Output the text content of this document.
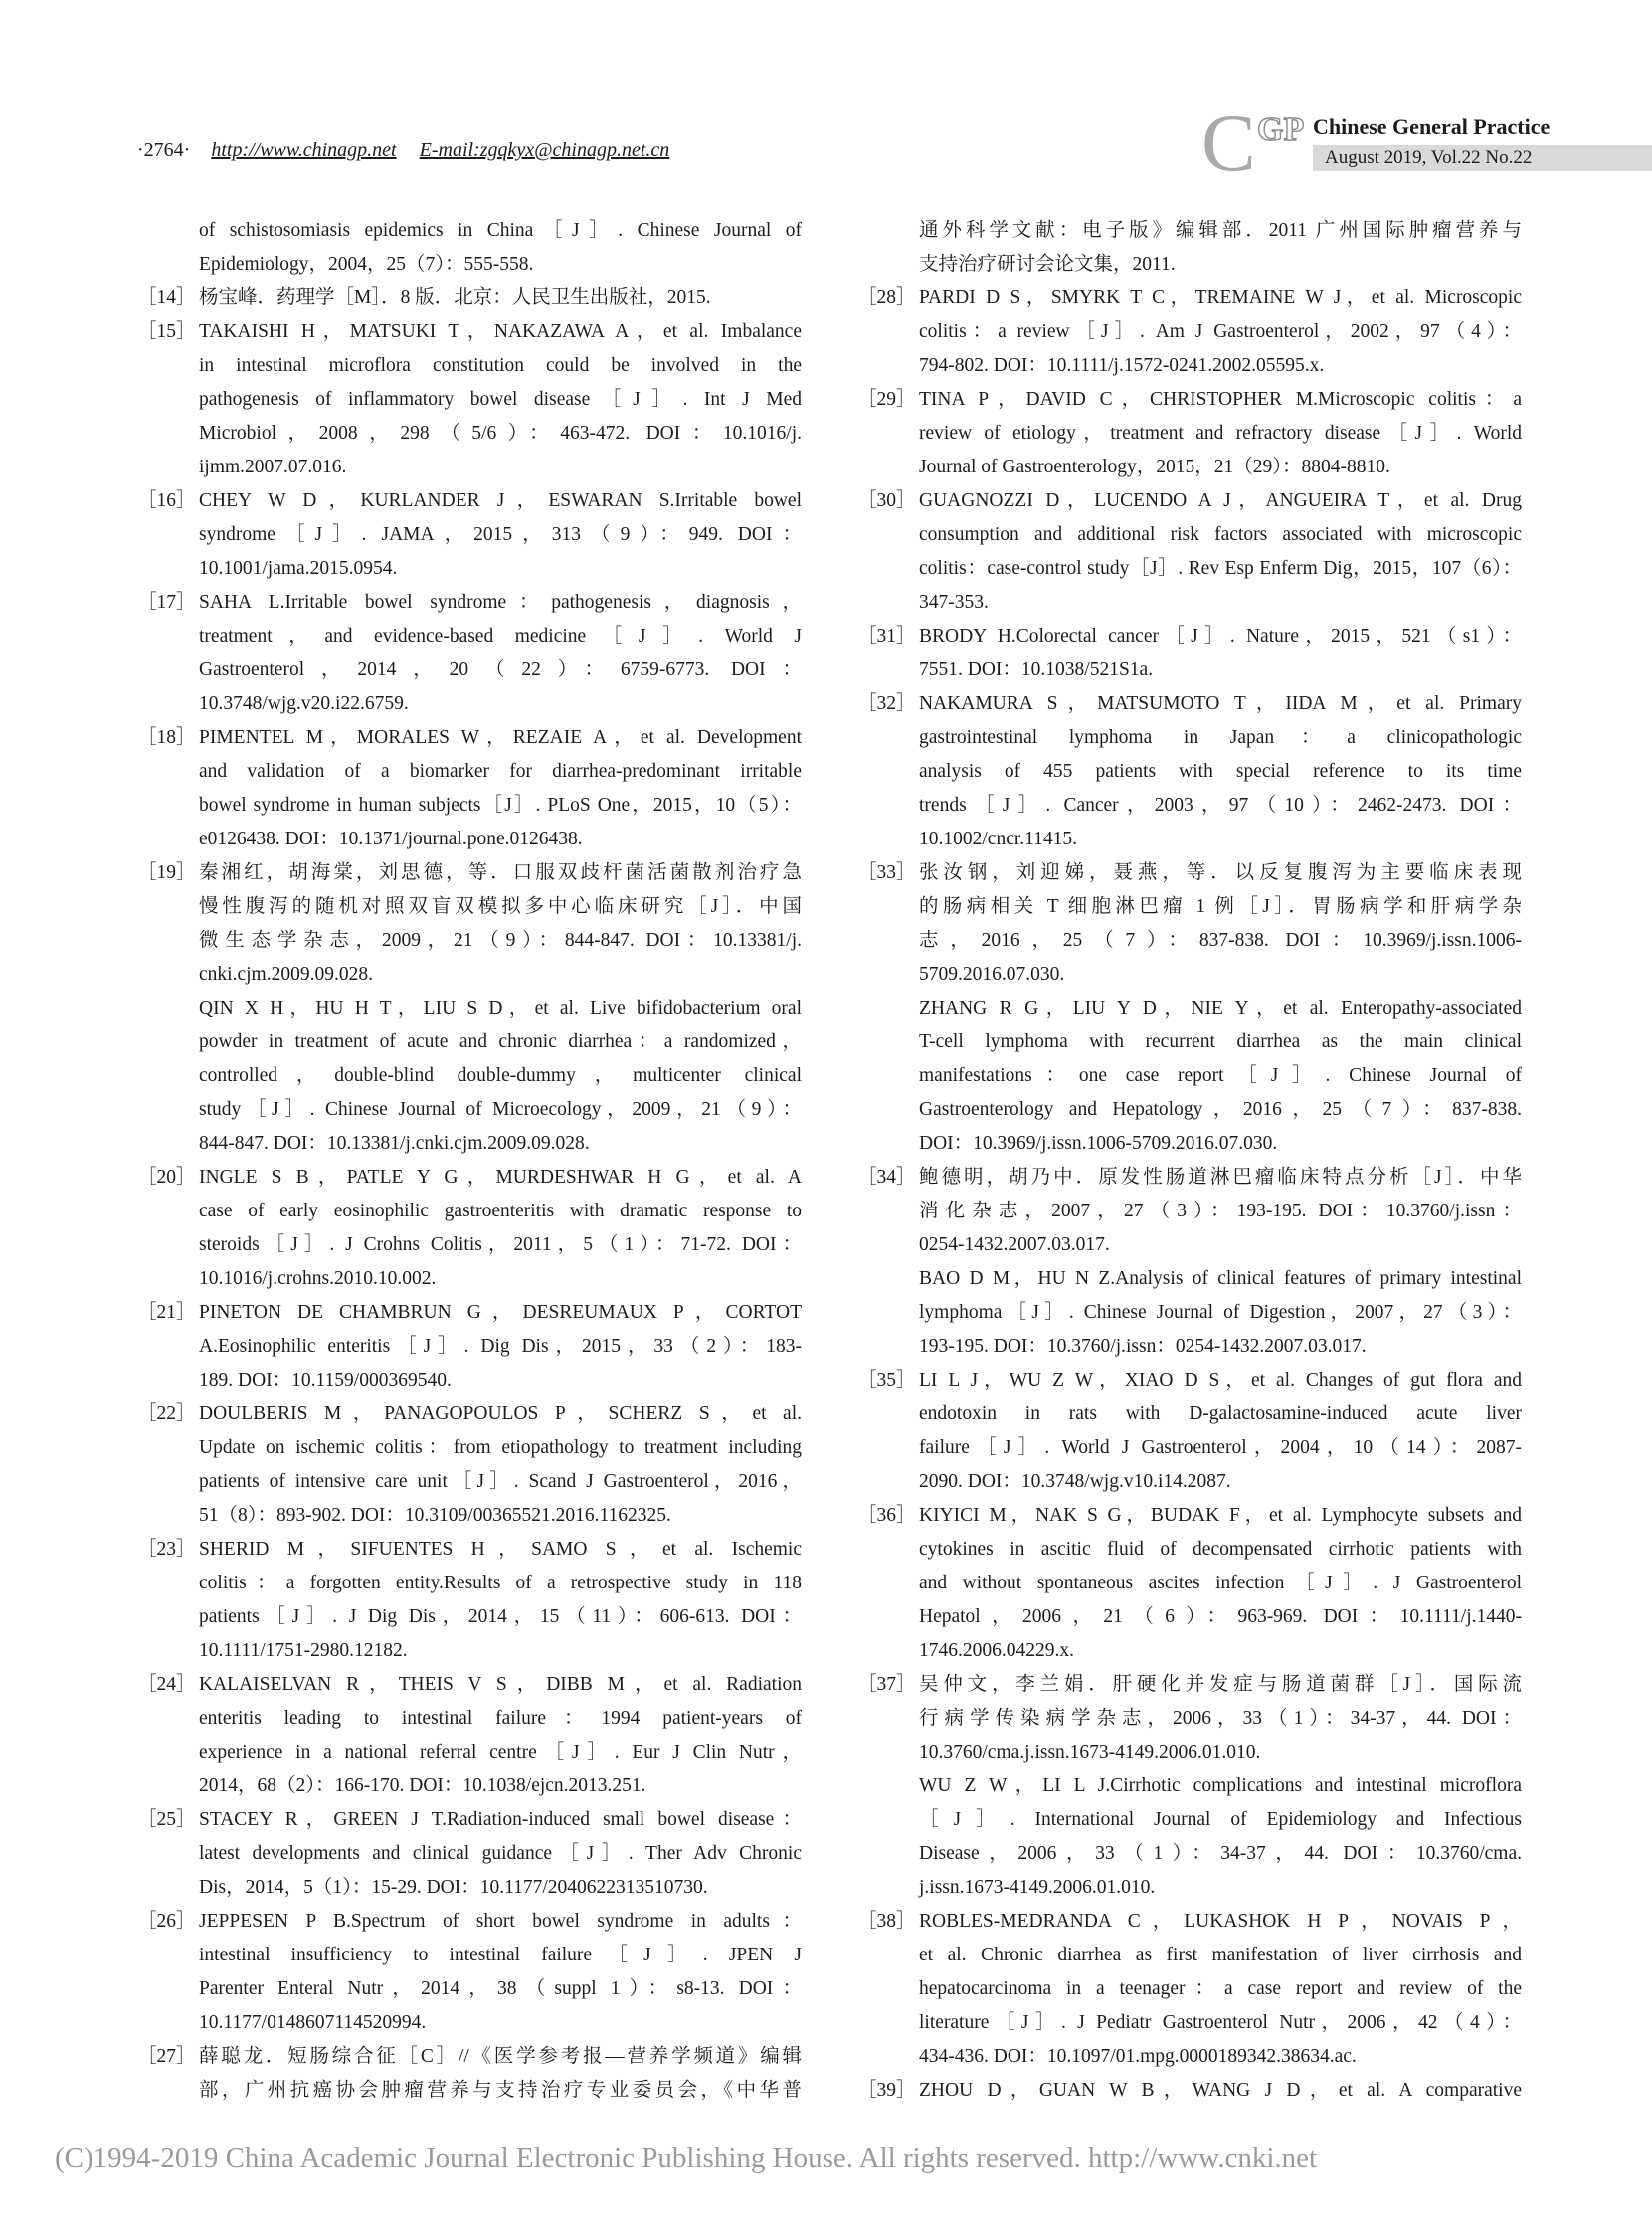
·2764· http://www.chinagp.net E-mail:zgqkyx@chinagp.net.cn	C GP Chinese General Practice
August 2019, Vol.22 No.22
of schistosomiasis epidemics in China［J］. Chinese Journal of
Epidemiology，2004，25（7）：555-558.
［14］ 杨宝峰．药理学［M］．8 版．北京：人民卫生出版社，2015.
［15］ TAKAISHI H，MATSUKI T，NAKAZAWA A，et al. Imbalance
in intestinal microflora constitution could be involved in the
pathogenesis of inflammatory bowel disease［J］. Int J Med
Microbiol，2008，298（5/6）：463-472. DOI：10.1016/j.
ijmm.2007.07.016.
［16］ CHEY W D，KURLANDER J，ESWARAN S.Irritable bowel
syndrome［J］. JAMA，2015，313（9）：949. DOI：
10.1001/jama.2015.0954.
［17］ SAHA L.Irritable bowel syndrome：pathogenesis，diagnosis，
treatment，and evidence-based medicine［J］. World J
Gastroenterol，2014，20（22）：6759-6773. DOI：
10.3748/wjg.v20.i22.6759.
［18］ PIMENTEL M，MORALES W，REZAIE A，et al. Development
and validation of a biomarker for diarrhea-predominant irritable
bowel syndrome in human subjects［J］. PLoS One，2015，10（5）：
e0126438. DOI：10.1371/journal.pone.0126438.
［19］ 秦湘红，胡海棠，刘思德，等．口服双歧杆菌活菌散剂治疗急
慢性腹泻的随机对照双盲双模拟多中心临床研究［J］．中国
微生态学杂志，2009，21（9）：844-847. DOI：10.13381/j.
cnki.cjm.2009.09.028.
QIN X H，HU H T，LIU S D，et al. Live bifidobacterium oral
powder in treatment of acute and chronic diarrhea：a randomized，
controlled，double-blind double-dummy，multicenter clinical
study［J］. Chinese Journal of Microecology，2009，21（9）：
844-847. DOI：10.13381/j.cnki.cjm.2009.09.028.
［20］ INGLE S B，PATLE Y G，MURDESHWAR H G，et al. A
case of early eosinophilic gastroenteritis with dramatic response to
steroids［J］. J Crohns Colitis，2011，5（1）：71-72. DOI：
10.1016/j.crohns.2010.10.002.
［21］ PINETON DE CHAMBRUN G，DESREUMAUX P，CORTOT
A.Eosinophilic enteritis［J］. Dig Dis，2015，33（2）：183-
189. DOI：10.1159/000369540.
［22］ DOULBERIS M，PANAGOPOULOS P，SCHERZ S，et al.
Update on ischemic colitis：from etiopathology to treatment including
patients of intensive care unit［J］. Scand J Gastroenterol，2016，
51（8）：893-902. DOI：10.3109/00365521.2016.1162325.
［23］ SHERID M，SIFUENTES H，SAMO S，et al. Ischemic
colitis：a forgotten entity.Results of a retrospective study in 118
patients［J］. J Dig Dis，2014，15（11）：606-613. DOI：
10.1111/1751-2980.12182.
［24］ KALAISELVAN R，THEIS V S，DIBB M，et al. Radiation
enteritis leading to intestinal failure：1994 patient-years of
experience in a national referral centre［J］. Eur J Clin Nutr，
2014，68（2）：166-170. DOI：10.1038/ejcn.2013.251.
［25］ STACEY R，GREEN J T.Radiation-induced small bowel disease：
latest developments and clinical guidance［J］. Ther Adv Chronic
Dis，2014，5（1）：15-29. DOI：10.1177/2040622313510730.
［26］ JEPPESEN P B.Spectrum of short bowel syndrome in adults：
intestinal insufficiency to intestinal failure［J］. JPEN J
Parenter Enteral Nutr，2014，38（suppl 1）：s8-13. DOI：
10.1177/0148607114520994.
［27］ 薛聪龙．短肠综合征［C］//《医学参考报—营养学频道》编辑
部，广州抗癌协会肿瘤营养与支持治疗专业委员会，《中华普
通外科学文献：电子版》编辑部．2011 广州国际肿瘤营养与
支持治疗研讨会论文集，2011.
［28］ PARDI D S，SMYRK T C，TREMAINE W J，et al. Microscopic
colitis：a review［J］. Am J Gastroenterol，2002，97（4）：
794-802. DOI：10.1111/j.1572-0241.2002.05595.x.
［29］ TINA P，DAVID C，CHRISTOPHER M.Microscopic colitis：a
review of etiology，treatment and refractory disease［J］. World
Journal of Gastroenterology，2015，21（29）：8804-8810.
［30］ GUAGNOZZI D，LUCENDO A J，ANGUEIRA T，et al. Drug
consumption and additional risk factors associated with microscopic
colitis：case-control study［J］. Rev Esp Enferm Dig，2015，107（6）：
347-353.
［31］ BRODY H.Colorectal cancer［J］. Nature，2015，521（s1）：
7551. DOI：10.1038/521S1a.
［32］ NAKAMURA S，MATSUMOTO T，IIDA M，et al. Primary
gastrointestinal lymphoma in Japan：a clinicopathologic
analysis of 455 patients with special reference to its time
trends［J］. Cancer，2003，97（10）：2462-2473. DOI：
10.1002/cncr.11415.
［33］ 张汝钢，刘迎娣，聂燕，等．以反复腹泻为主要临床表现
的肠病相关 T 细胞淋巴瘤 1 例［J］．胃肠病学和肝病学杂
志，2016，25（7）：837-838. DOI：10.3969/j.issn.1006-
5709.2016.07.030.
ZHANG R G，LIU Y D，NIE Y，et al. Enteropathy-associated
T-cell lymphoma with recurrent diarrhea as the main clinical
manifestations：one case report［J］. Chinese Journal of
Gastroenterology and Hepatology，2016，25（7）：837-838.
DOI：10.3969/j.issn.1006-5709.2016.07.030.
［34］ 鲍德明，胡乃中．原发性肠道淋巴瘤临床特点分析［J］．中华
消化杂志，2007，27（3）：193-195. DOI：10.3760/j.issn：
0254-1432.2007.03.017.
BAO D M，HU N Z.Analysis of clinical features of primary intestinal
lymphoma［J］. Chinese Journal of Digestion，2007，27（3）：
193-195. DOI：10.3760/j.issn：0254-1432.2007.03.017.
［35］ LI L J，WU Z W，XIAO D S，et al. Changes of gut flora and
endotoxin in rats with D-galactosamine-induced acute liver
failure［J］. World J Gastroenterol，2004，10（14）：2087-
2090. DOI：10.3748/wjg.v10.i14.2087.
［36］ KIYICI M，NAK S G，BUDAK F，et al. Lymphocyte subsets and
cytokines in ascitic fluid of decompensated cirrhotic patients with
and without spontaneous ascites infection［J］. J Gastroenterol
Hepatol，2006，21（6）：963-969. DOI：10.1111/j.1440-
1746.2006.04229.x.
［37］ 吴仲文，李兰娟．肝硬化并发症与肠道菌群［J］．国际流
行病学传染病学杂志，2006，33（1）：34-37，44. DOI：
10.3760/cma.j.issn.1673-4149.2006.01.010.
WU Z W，LI L J.Cirrhotic complications and intestinal microflora
［J］. International Journal of Epidemiology and Infectious
Disease，2006，33（1）：34-37，44. DOI：10.3760/cma.
j.issn.1673-4149.2006.01.010.
［38］ ROBLES-MEDRANDA C，LUKASHOK H P，NOVAIS P，
et al. Chronic diarrhea as first manifestation of liver cirrhosis and
hepatocarcinoma in a teenager：a case report and review of the
literature［J］. J Pediatr Gastroenterol Nutr，2006，42（4）：
434-436. DOI：10.1097/01.mpg.0000189342.38634.ac.
［39］ ZHOU D，GUAN W B，WANG J D，et al. A comparative
(C)1994-2019 China Academic Journal Electronic Publishing House. All rights reserved. http://www.cnki.net
